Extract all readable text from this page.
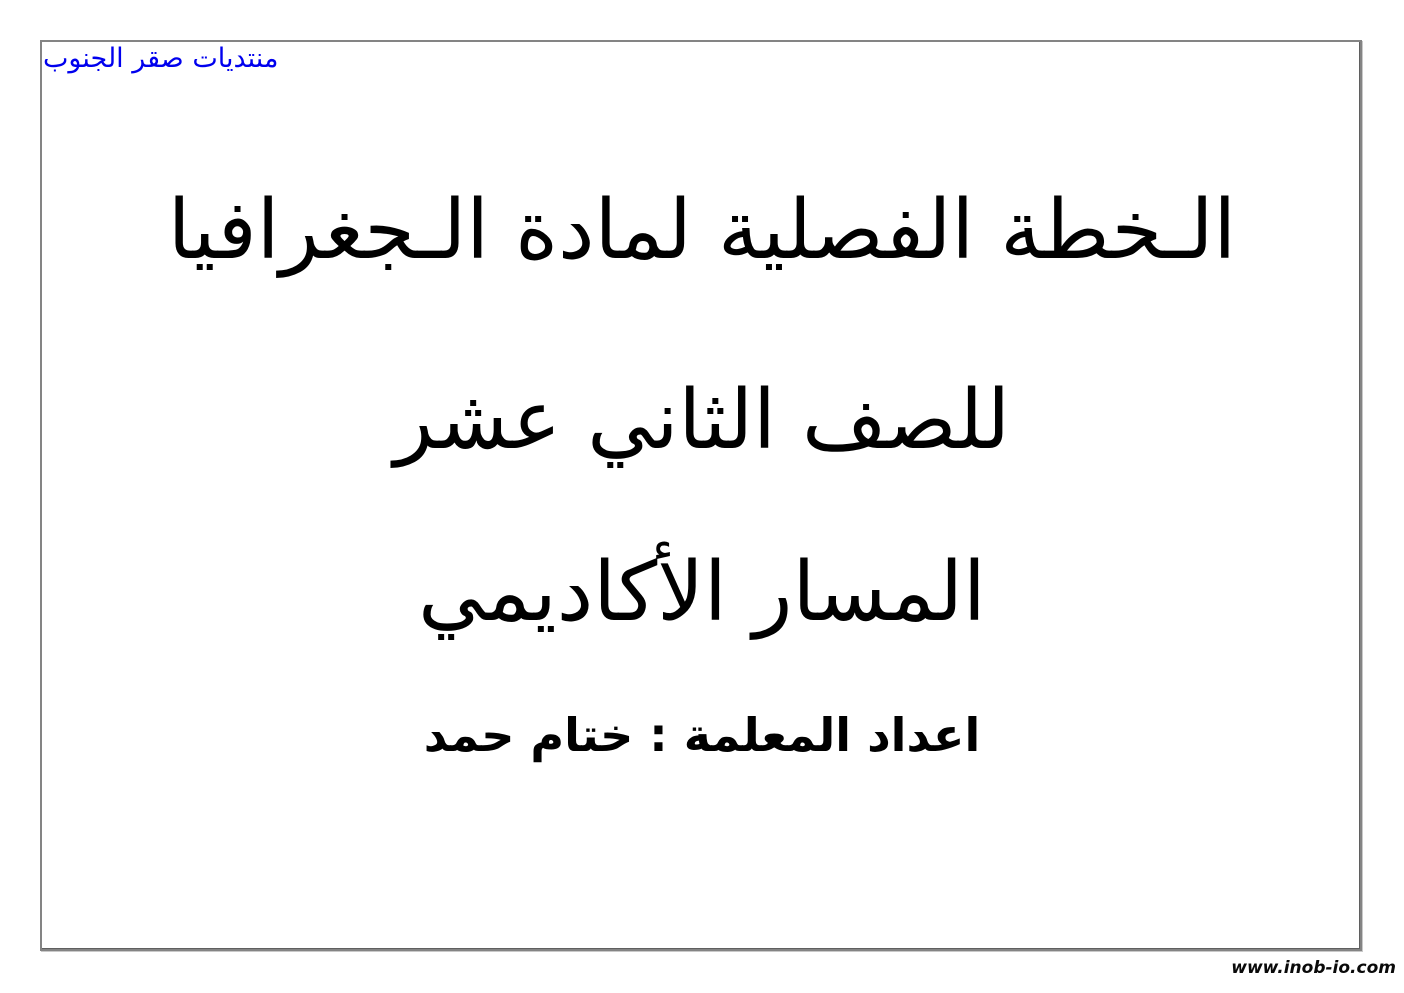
منتديات صقر الجنوب
الـخطة الفصلية لمادة الـجغرافيا
للصف الثاني عشر
المسار الأكاديمي
اعداد المعلمة : ختام حمد
www.inob-io.com
